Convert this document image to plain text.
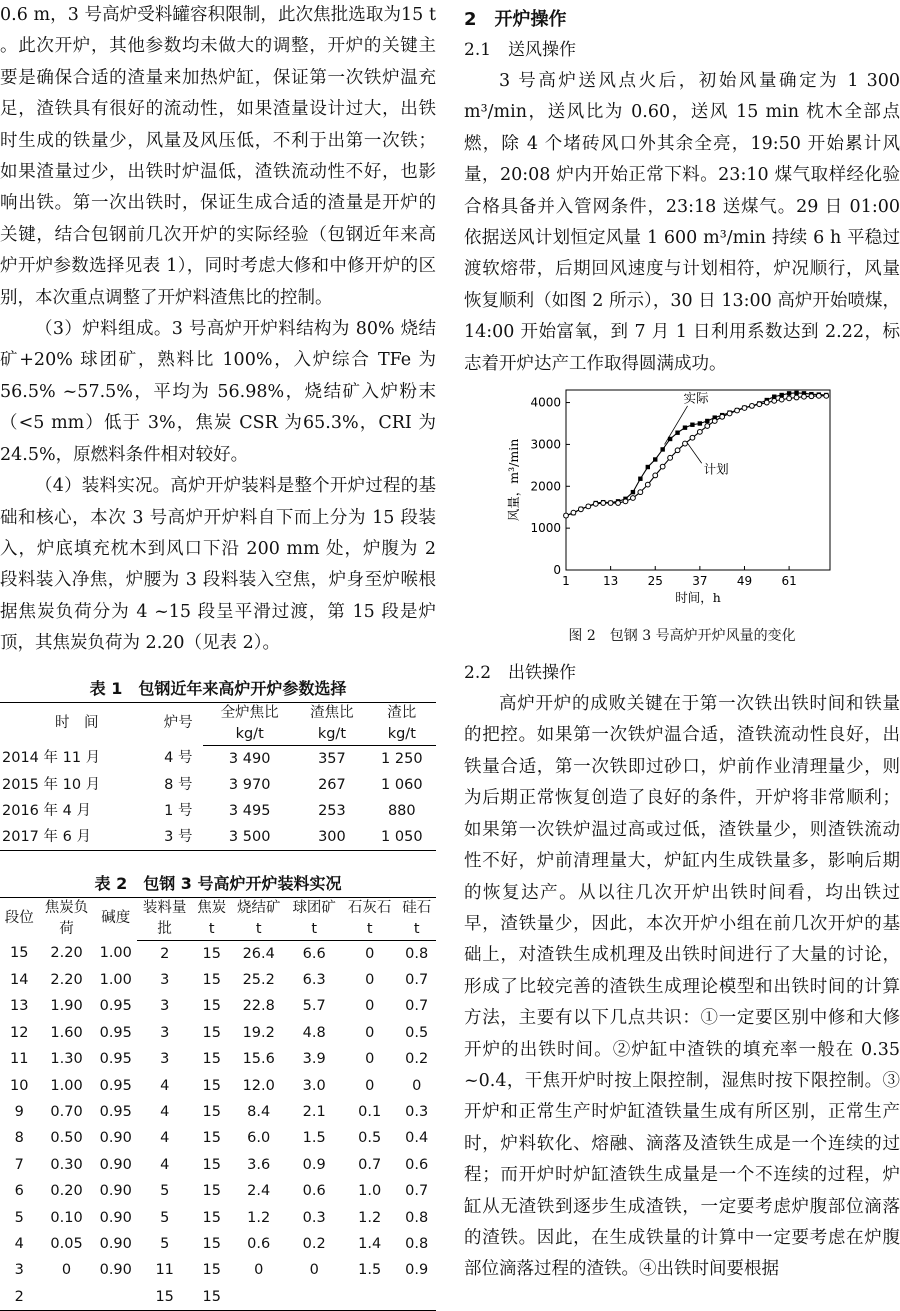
0.6 m，3 号高炉受料罐容积限制，此次焦批选取为15 t 。此次开炉，其他参数均未做大的调整，开炉的关键主要是确保合适的渣量来加热炉缸，保证第一次铁炉温充足，渣铁具有很好的流动性，如果渣量设计过大，出铁时生成的铁量少，风量及风压低，不利于出第一次铁；如果渣量过少，出铁时炉温低，渣铁流动性不好，也影响出铁。第一次出铁时，保证生成合适的渣量是开炉的关键，结合包钢前几次开炉的实际经验（包钢近年来高炉开炉参数选择见表 1），同时考虑大修和中修开炉的区别，本次重点调整了开炉料渣焦比的控制。

（3）炉料组成。3 号高炉开炉料结构为 80% 烧结矿+20% 球团矿，熟料比 100%，入炉综合 TFe 为 56.5% ~57.5%，平均为 56.98%，烧结矿入炉粉末（<5 mm）低于 3%，焦炭 CSR 为65.3%，CRI 为 24.5%，原燃料条件相对较好。

（4）装料实况。高炉开炉装料是整个开炉过程的基础和核心，本次 3 号高炉开炉料自下而上分为 15 段装入，炉底填充枕木到风口下沿 200 mm 处，炉腹为 2 段料装入净焦，炉腰为 3 段料装入空焦，炉身至炉喉根据焦炭负荷分为 4 ~15 段呈平滑过渡，第 15 段是炉顶，其焦炭负荷为 2.20（见表 2）。

表 1　包钢近年来高炉开炉参数选择
时　间	炉号	全炉焦比	渣焦比	渣比
		kg/t	kg/t	kg/t
2014 年 11 月	4 号	3 490	357	1 250
2015 年 10 月	8 号	3 970	267	1 060
2016 年 4 月	1 号	3 495	253	880
2017 年 6 月	3 号	3 500	300	1 050
表 2　包钢 3 号高炉开炉装料实况
段位	焦炭负荷	碱度	装料量	焦炭	烧结矿	球团矿	石灰石	硅石
			批	t	t	t	t	t
15	2.20	1.00	2	15	26.4	6.6	0	0.8
14	2.20	1.00	3	15	25.2	6.3	0	0.7
13	1.90	0.95	3	15	22.8	5.7	0	0.7
12	1.60	0.95	3	15	19.2	4.8	0	0.5
11	1.30	0.95	3	15	15.6	3.9	0	0.2
10	1.00	0.95	4	15	12.0	3.0	0	0
9	0.70	0.95	4	15	8.4	2.1	0.1	0.3
8	0.50	0.90	4	15	6.0	1.5	0.5	0.4
7	0.30	0.90	4	15	3.6	0.9	0.7	0.6
6	0.20	0.90	5	15	2.4	0.6	1.0	0.7
5	0.10	0.90	5	15	1.2	0.3	1.2	0.8
4	0.05	0.90	5	15	0.6	0.2	1.4	0.8
3	0	0.90	11	15	0	0	1.5	0.9
2			15	15				
2　开炉操作
2.1　送风操作

3 号高炉送风点火后，初始风量确定为 1 300 m³/min，送风比为 0.60，送风 15 min 枕木全部点燃，除 4 个堵砖风口外其余全亮，19:50 开始累计风量，20:08 炉内开始正常下料。23:10 煤气取样经化验合格具备并入管网条件，23:18 送煤气。29 日 01:00 依据送风计划恒定风量 1 600 m³/min 持续 6 h 平稳过渡软熔带，后期回风速度与计划相符，炉况顺行，风量恢复顺利（如图 2 所示），30 日 13:00 高炉开始喷煤，14:00 开始富氧，到 7 月 1 日利用系数达到 2.22，标志着开炉达产工作取得圆满成功。

1	13 25 37 49 61
0
1000
2000
3000
4000
时间，h
风量，m³/min
实际
计划
图 2　包钢 3 号高炉开炉风量的变化
2.2　出铁操作

高炉开炉的成败关键在于第一次铁出铁时间和铁量的把控。如果第一次铁炉温合适，渣铁流动性良好，出铁量合适，第一次铁即过砂口，炉前作业清理量少，则为后期正常恢复创造了良好的条件，开炉将非常顺利；如果第一次铁炉温过高或过低，渣铁量少，则渣铁流动性不好，炉前清理量大，炉缸内生成铁量多，影响后期的恢复达产。从以往几次开炉出铁时间看，均出铁过早，渣铁量少，因此，本次开炉小组在前几次开炉的基础上，对渣铁生成机理及出铁时间进行了大量的讨论，形成了比较完善的渣铁生成理论模型和出铁时间的计算方法，主要有以下几点共识：①一定要区别中修和大修开炉的出铁时间。②炉缸中渣铁的填充率一般在 0.35 ~0.4，干焦开炉时按上限控制，湿焦时按下限控制。③开炉和正常生产时炉缸渣铁量生成有所区别，正常生产时，炉料软化、熔融、滴落及渣铁生成是一个连续的过程；而开炉时炉缸渣铁生成量是一个不连续的过程，炉缸从无渣铁到逐步生成渣铁，一定要考虑炉腹部位滴落的渣铁。因此，在生成铁量的计算中一定要考虑在炉腹部位滴落过程的渣铁。④出铁时间要根据
